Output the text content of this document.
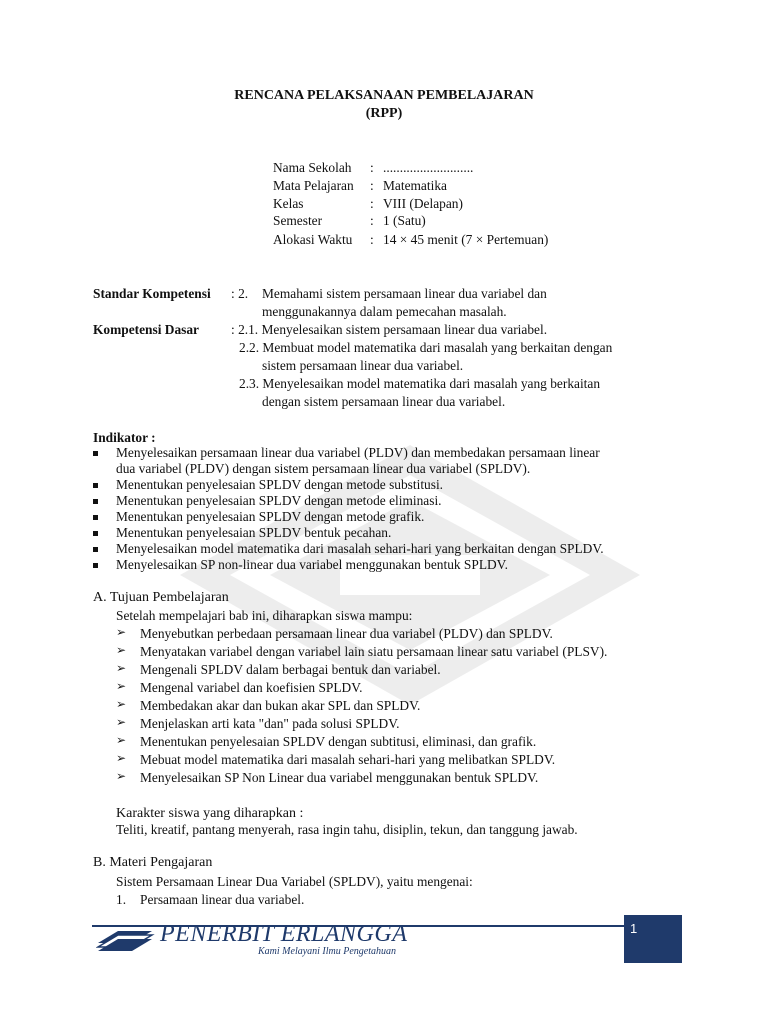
RENCANA PELAKSANAAN PEMBELAJARAN
(RPP)
Nama Sekolah : ...........................
Mata Pelajaran : Matematika
Kelas	: VIII (Delapan)
Semester	: 1 (Satu)
Alokasi Waktu : 14 × 45 menit (7 × Pertemuan)
Standar Kompetensi : 2. Memahami sistem persamaan linear dua variabel dan
menggunakannya dalam pemecahan masalah.
Kompetensi Dasar : 2.1. Menyelesaikan sistem persamaan linear dua variabel.
2.2. Membuat model matematika dari masalah yang berkaitan dengan
sistem persamaan linear dua variabel.
2.3. Menyelesaikan model matematika dari masalah yang berkaitan
dengan sistem persamaan linear dua variabel.
Indikator :
Menyelesaikan persamaan linear dua variabel (PLDV) dan membedakan persamaan linear
dua variabel (PLDV) dengan sistem persamaan linear dua variabel (SPLDV).
Menentukan penyelesaian SPLDV dengan metode substitusi.
Menentukan penyelesaian SPLDV dengan metode eliminasi.
Menentukan penyelesaian SPLDV dengan metode grafik.
Menentukan penyelesaian SPLDV bentuk pecahan.
Menyelesaikan model matematika dari masalah sehari-hari yang berkaitan dengan SPLDV.
Menyelesaikan SP non-linear dua variabel menggunakan bentuk SPLDV.
A. Tujuan Pembelajaran
Setelah mempelajari bab ini, diharapkan siswa mampu:
➢ Menyebutkan perbedaan persamaan linear dua variabel (PLDV) dan SPLDV.
➢ Menyatakan variabel dengan variabel lain siatu persamaan linear satu variabel (PLSV).
➢ Mengenali SPLDV dalam berbagai bentuk dan variabel.
➢ Mengenal variabel dan koefisien SPLDV.
➢ Membedakan akar dan bukan akar SPL dan SPLDV.
➢ Menjelaskan arti kata "dan" pada solusi SPLDV.
➢ Menentukan penyelesaian SPLDV dengan subtitusi, eliminasi, dan grafik.
➢ Mebuat model matematika dari masalah sehari-hari yang melibatkan SPLDV.
➢ Menyelesaikan SP Non Linear dua variabel menggunakan bentuk SPLDV.
Karakter siswa yang diharapkan :
Teliti, kreatif, pantang menyerah, rasa ingin tahu, disiplin, tekun, dan tanggung jawab.
B. Materi Pengajaran
Sistem Persamaan Linear Dua Variabel (SPLDV), yaitu mengenai:
1. Persamaan linear dua variabel.
PENERBIT ERLANGGA
Kami Melayani Ilmu Pengetahuan
1
